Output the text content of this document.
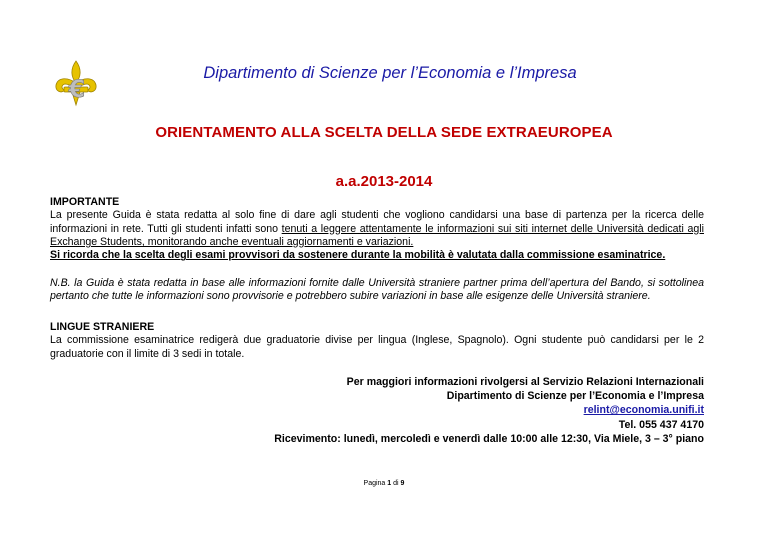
€
Dipartimento di Scienze per l’Economia e l’Impresa
ORIENTAMENTO ALLA SCELTA DELLA SEDE EXTRAEUROPEA
a.a.2013-2014

IMPORTANTE

La presente Guida è stata redatta al solo fine di dare agli studenti che vogliono candidarsi una base di partenza per la ricerca delle informazioni in rete. Tutti gli studenti infatti sono tenuti a leggere attentamente le informazioni sui siti internet delle Università dedicati agli Exchange Students, monitorando anche eventuali aggiornamenti e variazioni.

Si ricorda che la scelta degli esami provvisori da sostenere durante la mobilità è valutata dalla commissione esaminatrice.

N.B. la Guida è stata redatta in base alle informazioni fornite dalle Università straniere partner prima dell’apertura del Bando, si sottolinea pertanto che tutte le informazioni sono provvisorie e potrebbero subire variazioni in base alle esigenze delle Università straniere.

LINGUE STRANIERE

La commissione esaminatrice redigerà due graduatorie divise per lingua (Inglese, Spagnolo). Ogni studente può candidarsi per le 2 graduatorie con il limite di 3 sedi in totale.

Per maggiori informazioni rivolgersi al Servizio Relazioni Internazionali
Dipartimento di Scienze per l’Economia e l’Impresa
relint@economia.unifi.it
Tel. 055 437 4170
Ricevimento: lunedì, mercoledì e venerdì dalle 10:00 alle 12:30, Via Miele, 3 – 3° piano
Pagina 1 di 9
